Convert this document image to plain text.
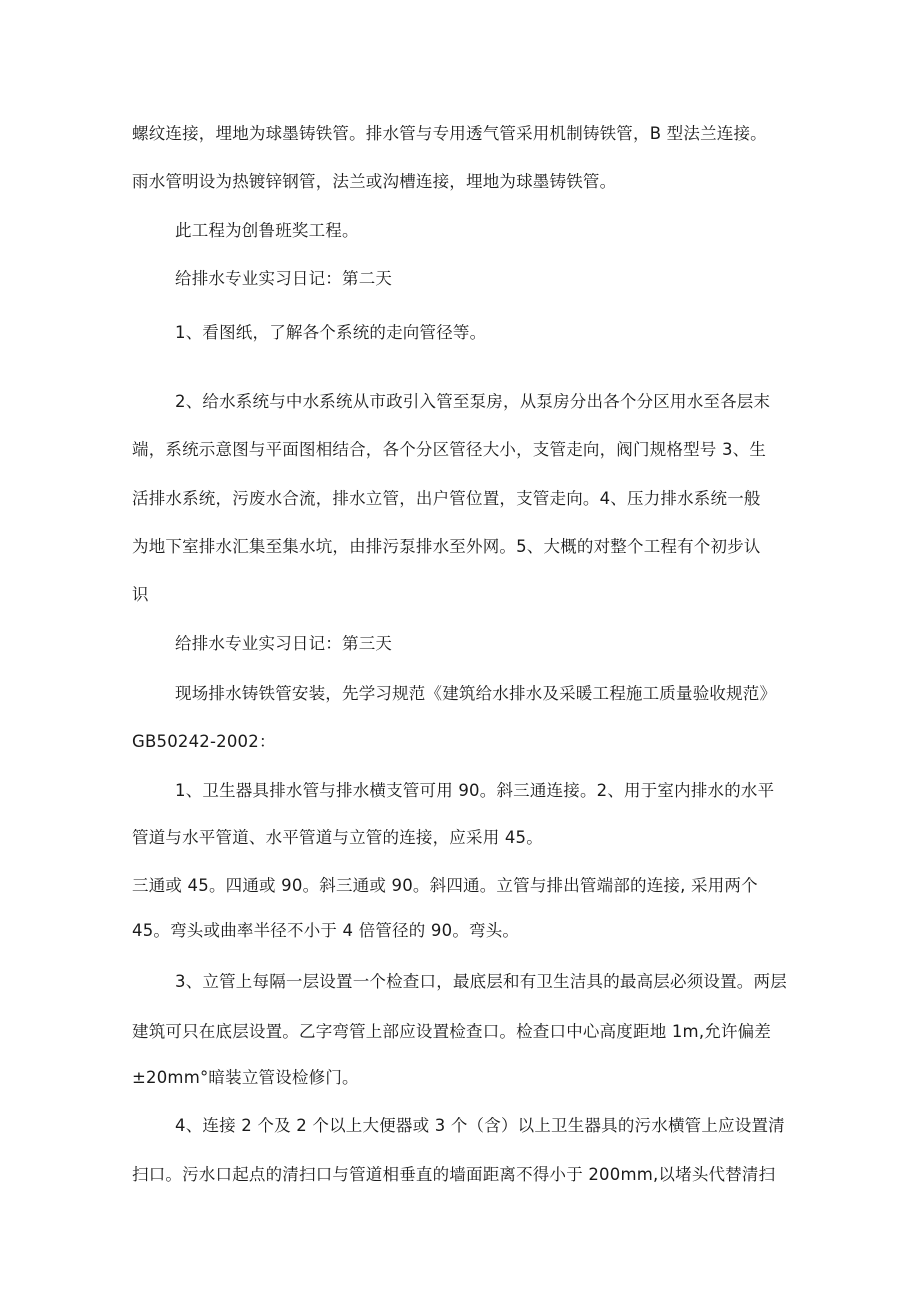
螺纹连接，埋地为球墨铸铁管。排水管与专用透气管采用机制铸铁管，B 型法兰连接。
雨水管明设为热镀锌钢管，法兰或沟槽连接，埋地为球墨铸铁管。
此工程为创鲁班奖工程。
给排水专业实习日记：第二天
1、看图纸，了解各个系统的走向管径等。
2、给水系统与中水系统从市政引入管至泵房，从泵房分出各个分区用水至各层末
端，系统示意图与平面图相结合，各个分区管径大小，支管走向，阀门规格型号 3、生
活排水系统，污废水合流，排水立管，出户管位置，支管走向。4、压力排水系统一般
为地下室排水汇集至集水坑，由排污泵排水至外网。5、大概的对整个工程有个初步认
识
给排水专业实习日记：第三天
现场排水铸铁管安装，先学习规范《建筑给水排水及采暖工程施工质量验收规范》
GB50242-2002：
1、卫生器具排水管与排水横支管可用 90。斜三通连接。2、用于室内排水的水平
管道与水平管道、水平管道与立管的连接，应采用 45。
三通或 45。四通或 90。斜三通或 90。斜四通。立管与排出管端部的连接, 采用两个
45。弯头或曲率半径不小于 4 倍管径的 90。弯头。
3、立管上每隔一层设置一个检查口，最底层和有卫生洁具的最高层必须设置。两层
建筑可只在底层设置。乙字弯管上部应设置检查口。检查口中心高度距地 1m,允许偏差
±20mm°暗装立管设检修门。
4、连接 2 个及 2 个以上大便器或 3 个（含）以上卫生器具的污水横管上应设置清
扫口。污水口起点的清扫口与管道相垂直的墙面距离不得小于 200mm,以堵头代替清扫
